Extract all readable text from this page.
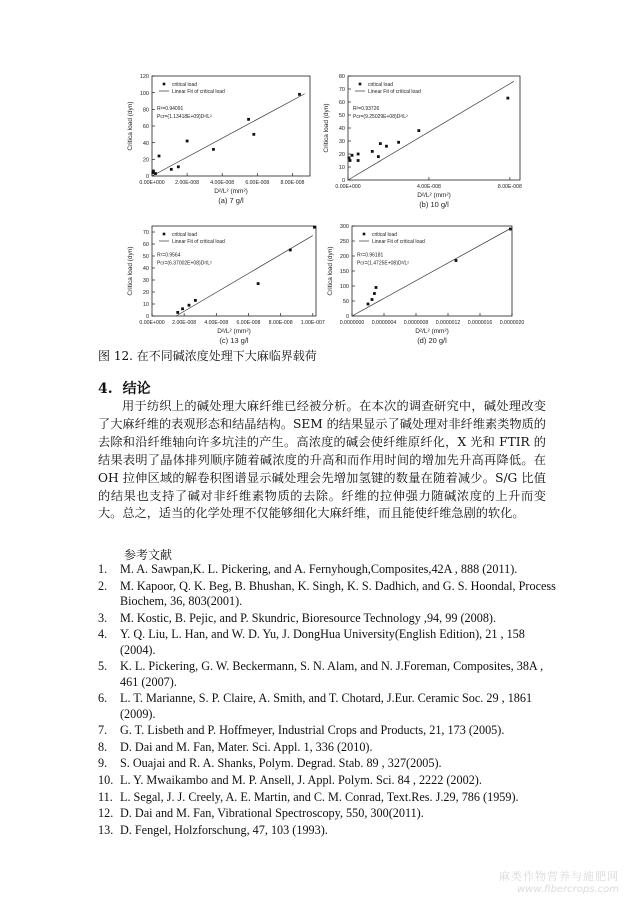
0
20
40
60
80
100
120
0.00E+000 2.00E-008 4.00E-008 6.00E-008 8.00E-008
Critica load (dyn)
D²/L² (mm²)
(a) 7 g/l
critical load
Linear Fit of critical load
R²=0.94091
Pcr=(1.13418E+09)D²/L²
0
10
20
30
40
50
60
70
80
0.00E+000	4.00E-008	8.00E-008
Critica load (dyn)
D²/L² (mm²)
(b) 10 g/l
critical load
Linear Fit of critical load
R²=0.93726
Pcr=(9.25029E+08)D²/L²
0
10
20
30
40
50
60
70
0.00E+000 2.00E-008 4.00E-008 6.00E-008 8.00E-008 1.00E-007
Critica load (dyn)
D²/L² (mm²)
(c) 13 g/l
critical load
Linear Fit of critical load
R²=0.9564
Pcr=(6.37002E+08)D²/L²
0
50
100
150
200
250
300
0.0000000 0.0000004 0.0000008 0.0000012 0.0000016 0.0000020
Critica load (dyn)
D²/L² (mm²)
(d) 20 g/l
critical load
Linear Fit of critical load
R²=0.96181
Pcr=(1.4725E+08)D²/L²
图 12. 在不同碱浓度处理下大麻临界载荷
4. 结论
用于纺织上的碱处理大麻纤维已经被分析。在本次的调查研究中，碱处理改变了大麻纤维的表观形态和结晶结构。SEM 的结果显示了碱处理对非纤维素类物质的去除和沿纤维轴向许多坑洼的产生。高浓度的碱会使纤维原纤化，X 光和 FTIR 的结果表明了晶体排列顺序随着碱浓度的升高和而作用时间的增加先升高再降低。在 OH 拉伸区域的解卷积图谱显示碱处理会先增加氢键的数量在随着减少。S/G 比值的结果也支持了碱对非纤维素物质的去除。纤维的拉伸强力随碱浓度的上升而变大。总之，适当的化学处理不仅能够细化大麻纤维，而且能使纤维急剧的软化。
参考文献
1.	M. A. Sawpan,K. L. Pickering, and A. Fernyhough,Composites,42A , 888 (2011).
2.	M. Kapoor, Q. K. Beg, B. Bhushan, K. Singh, K. S. Dadhich, and G. S. Hoondal, Process Biochem, 36, 803(2001).
3.	M. Kostic, B. Pejic, and P. Skundric, Bioresource Technology ,94, 99 (2008).
4.	Y. Q. Liu, L. Han, and W. D. Yu, J. DongHua University(English Edition), 21 , 158 (2004).
5.	K. L. Pickering, G. W. Beckermann, S. N. Alam, and N. J.Foreman, Composites, 38A , 461 (2007).
6.	L. T. Marianne, S. P. Claire, A. Smith, and T. Chotard, J.Eur. Ceramic Soc. 29 , 1861 (2009).
7.	G. T. Lisbeth and P. Hoffmeyer, Industrial Crops and Products, 21, 173 (2005).
8.	D. Dai and M. Fan, Mater. Sci. Appl. 1, 336 (2010).
9.	S. Ouajai and R. A. Shanks, Polym. Degrad. Stab. 89 , 327(2005).
10. L. Y. Mwaikambo and M. P. Ansell, J. Appl. Polym. Sci. 84 , 2222 (2002).
11. L. Segal, J. J. Creely, A. E. Martin, and C. M. Conrad, Text.Res. J.29, 786 (1959).
12. D. Dai and M. Fan, Vibrational Spectroscopy, 550, 300(2011).
13. D. Fengel, Holzforschung, 47, 103 (1993).
麻类作物营养与施肥网
www.fibercrops.com
